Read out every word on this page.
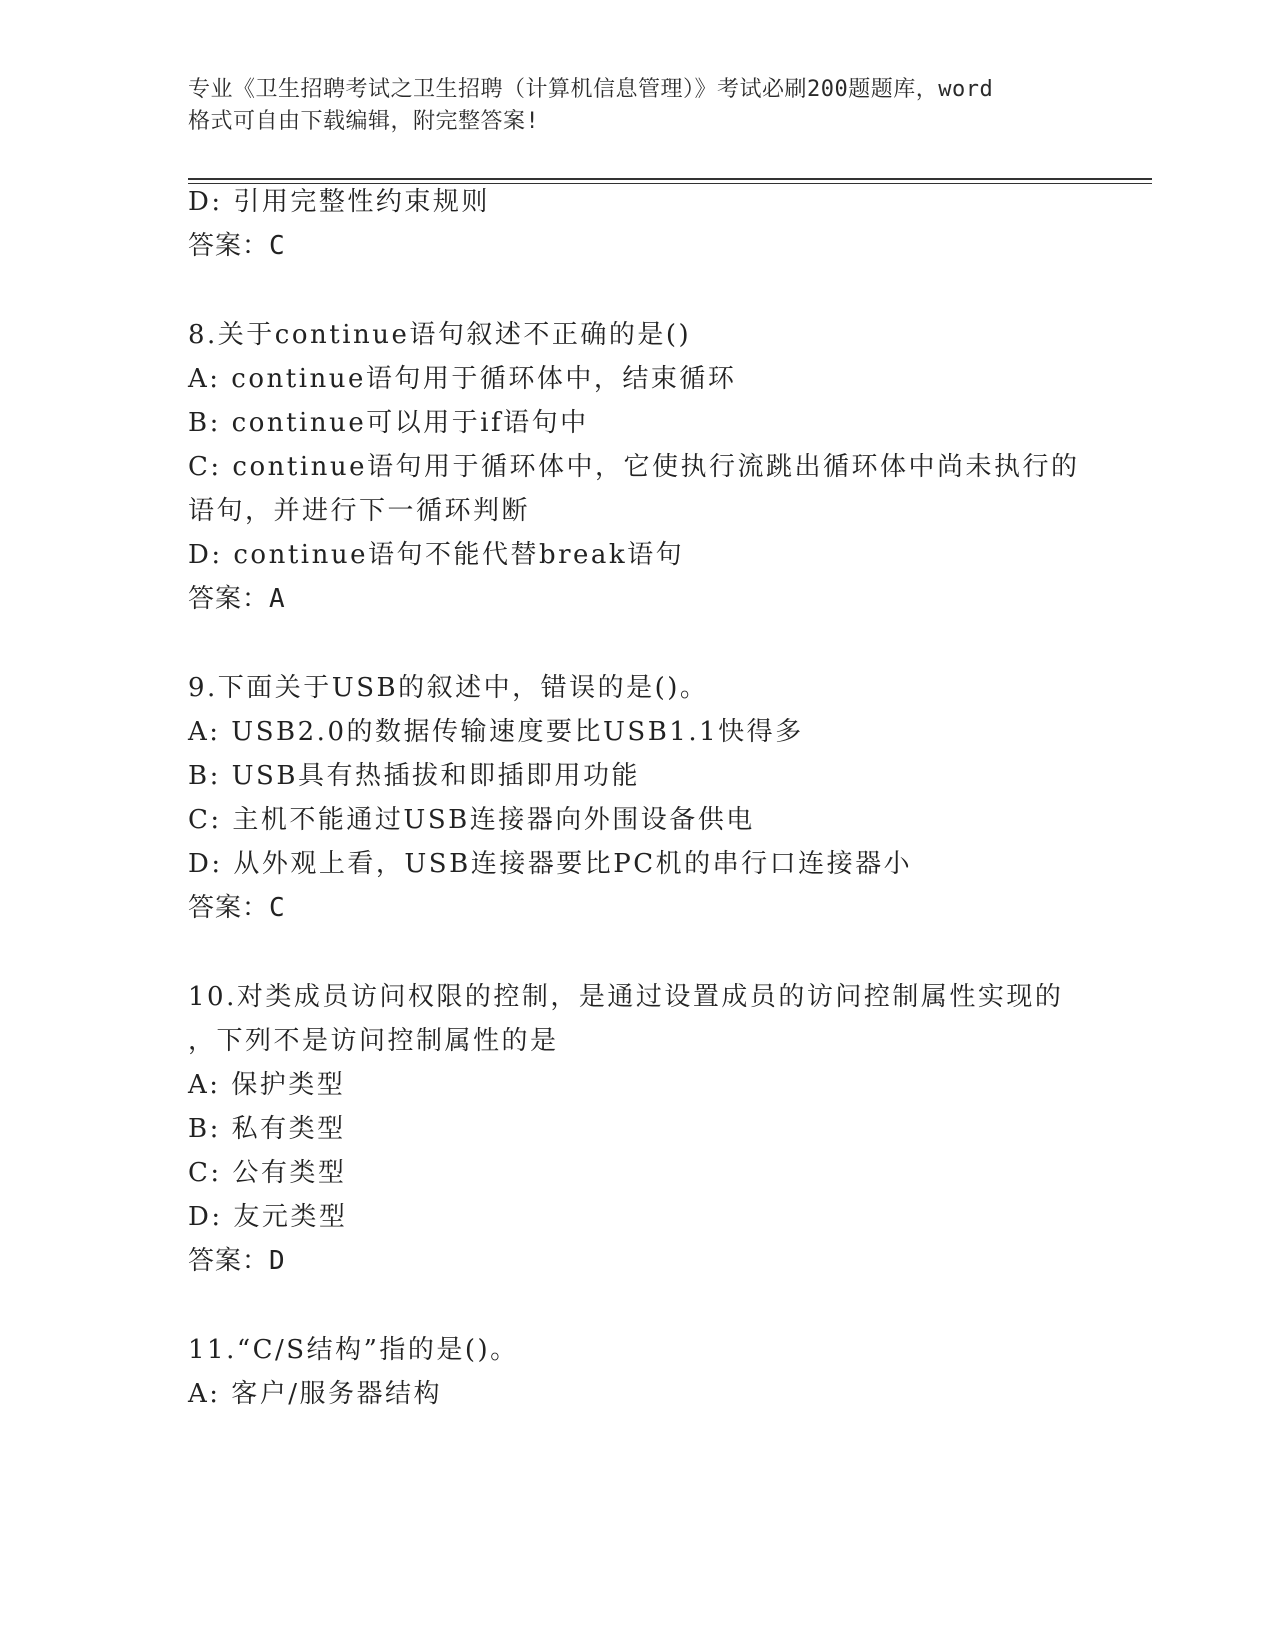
专业《卫生招聘考试之卫生招聘（计算机信息管理）》考试必刷200题题库，word
格式可自由下载编辑，附完整答案!
D: 引用完整性约束规则
答案：C
8.关于continue语句叙述不正确的是()
A: continue语句用于循环体中，结束循环
B: continue可以用于if语句中
C: continue语句用于循环体中，它使执行流跳出循环体中尚未执行的
语句，并进行下一循环判断
D: continue语句不能代替break语句
答案：A
9.下面关于USB的叙述中，错误的是()。
A: USB2.0的数据传输速度要比USB1.1快得多
B: USB具有热插拔和即插即用功能
C: 主机不能通过USB连接器向外围设备供电
D: 从外观上看，USB连接器要比PC机的串行口连接器小
答案：C
10.对类成员访问权限的控制，是通过设置成员的访问控制属性实现的
，下列不是访问控制属性的是
A: 保护类型
B: 私有类型
C: 公有类型
D: 友元类型
答案：D
11.“C/S结构”指的是()。
A: 客户/服务器结构
